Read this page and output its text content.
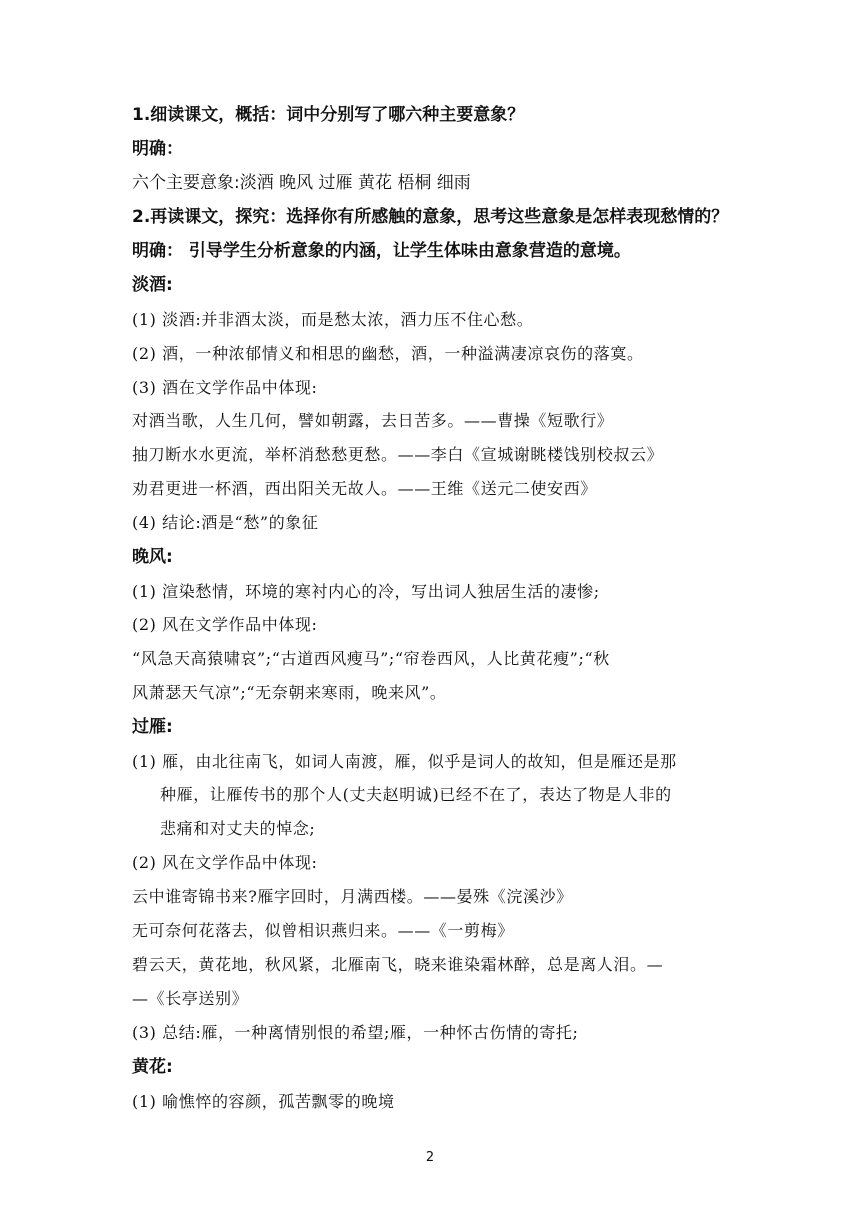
1.细读课文，概括：词中分别写了哪六种主要意象？
明确：
六个主要意象:淡酒 晚风 过雁 黄花 梧桐 细雨
2.再读课文，探究：选择你有所感触的意象，思考这些意象是怎样表现愁情的？
明确： 引导学生分析意象的内涵，让学生体味由意象营造的意境。
淡酒:
(1) 淡酒:并非酒太淡，而是愁太浓，酒力压不住心愁。
(2) 酒，一种浓郁情义和相思的幽愁，酒，一种溢满凄凉哀伤的落寞。
(3) 酒在文学作品中体现:
对酒当歌，人生几何，譬如朝露，去日苦多。——曹操《短歌行》
抽刀断水水更流，举杯消愁愁更愁。——李白《宣城谢眺楼饯别校叔云》
劝君更进一杯酒，西出阳关无故人。——王维《送元二使安西》
(4) 结论:酒是“愁”的象征
晚风:
(1) 渲染愁情，环境的寒衬内心的冷，写出词人独居生活的凄惨;
(2) 风在文学作品中体现:
“风急天高猿啸哀”;“古道西风瘦马”;“帘卷西风，人比黄花瘦”;“秋
风萧瑟天气凉”;“无奈朝来寒雨，晚来风”。
过雁:
(1) 雁，由北往南飞，如词人南渡，雁，似乎是词人的故知，但是雁还是那
种雁，让雁传书的那个人(丈夫赵明诚)已经不在了，表达了物是人非的
悲痛和对丈夫的悼念;
(2) 风在文学作品中体现:
云中谁寄锦书来?雁字回时，月满西楼。——晏殊《浣溪沙》
无可奈何花落去，似曾相识燕归来。——《一剪梅》
碧云天，黄花地，秋风紧，北雁南飞，晓来谁染霜林醉，总是离人泪。—
—《长亭送别》
(3) 总结:雁，一种离情别恨的希望;雁，一种怀古伤情的寄托;
黄花:
(1) 喻憔悴的容颜，孤苦飘零的晚境
2
